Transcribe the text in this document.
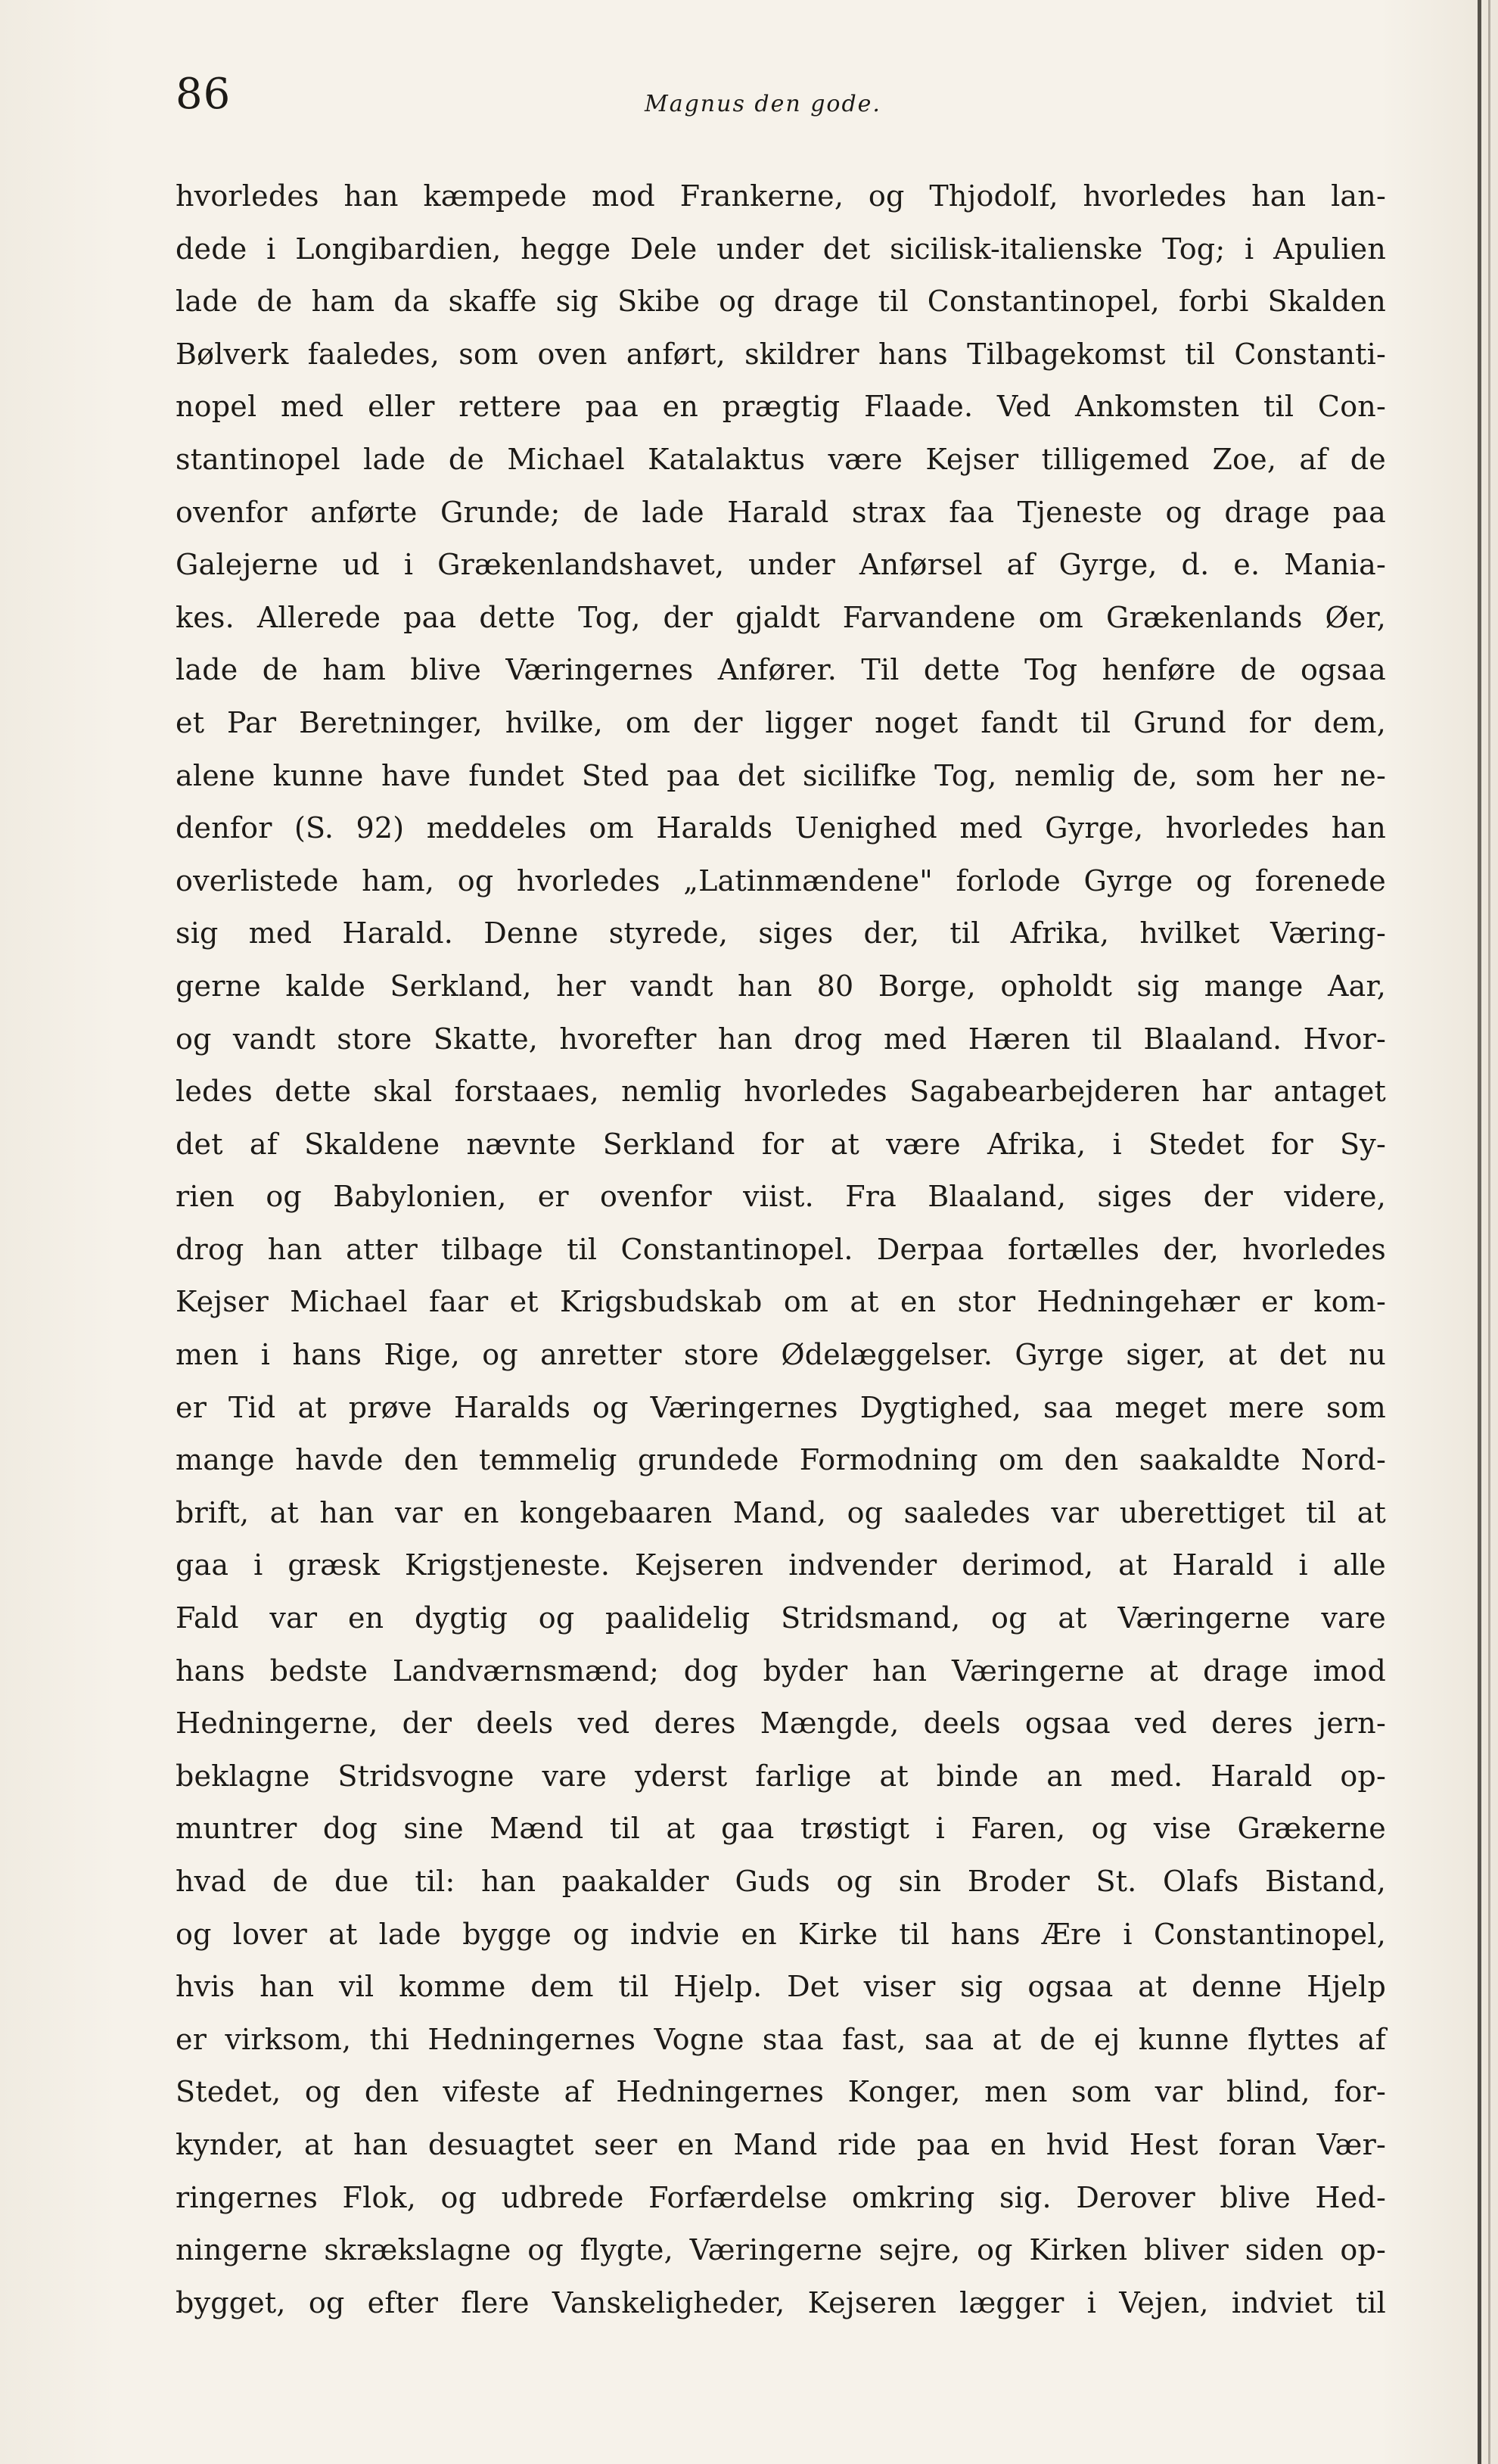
86	Magnus den gode.
hvorledes han kæmpede mod Frankerne, og Thjodolf, hvorledes han lan-
dede i Longibardien, hegge Dele under det sicilisk-italienske Tog; i Apulien
lade de ham da skaffe sig Skibe og drage til Constantinopel, forbi Skalden
Bølverk faaledes, som oven anført, skildrer hans Tilbagekomst til Constanti-
nopel med eller rettere paa en prægtig Flaade. Ved Ankomsten til Con-
stantinopel lade de Michael Katalaktus være Kejser tilligemed Zoe, af de
ovenfor anførte Grunde; de lade Harald strax faa Tjeneste og drage paa
Galejerne ud i Grækenlandshavet, under Anførsel af Gyrge, d. e. Mania-
kes. Allerede paa dette Tog, der gjaldt Farvandene om Grækenlands Øer,
lade de ham blive Væringernes Anfører. Til dette Tog henføre de ogsaa
et Par Beretninger, hvilke, om der ligger noget fandt til Grund for dem,
alene kunne have fundet Sted paa det sicilifke Tog, nemlig de, som her ne-
denfor (S. 92) meddeles om Haralds Uenighed med Gyrge, hvorledes han
overlistede ham, og hvorledes „Latinmændene" forlode Gyrge og forenede
sig med Harald. Denne styrede, siges der, til Afrika, hvilket Væring-
gerne kalde Serkland, her vandt han 80 Borge, opholdt sig mange Aar,
og vandt store Skatte, hvorefter han drog med Hæren til Blaaland. Hvor-
ledes dette skal forstaaes, nemlig hvorledes Sagabearbejderen har antaget
det af Skaldene nævnte Serkland for at være Afrika, i Stedet for Sy-
rien og Babylonien, er ovenfor viist. Fra Blaaland, siges der videre,
drog han atter tilbage til Constantinopel. Derpaa fortælles der, hvorledes
Kejser Michael faar et Krigsbudskab om at en stor Hedningehær er kom-
men i hans Rige, og anretter store Ødelæggelser. Gyrge siger, at det nu
er Tid at prøve Haralds og Væringernes Dygtighed, saa meget mere som
mange havde den temmelig grundede Formodning om den saakaldte Nord-
brift, at han var en kongebaaren Mand, og saaledes var uberettiget til at
gaa i græsk Krigstjeneste. Kejseren indvender derimod, at Harald i alle
Fald var en dygtig og paalidelig Stridsmand, og at Væringerne vare
hans bedste Landværnsmænd; dog byder han Væringerne at drage imod
Hedningerne, der deels ved deres Mængde, deels ogsaa ved deres jern-
beklagne Stridsvogne vare yderst farlige at binde an med. Harald op-
muntrer dog sine Mænd til at gaa trøstigt i Faren, og vise Grækerne
hvad de due til: han paakalder Guds og sin Broder St. Olafs Bistand,
og lover at lade bygge og indvie en Kirke til hans Ære i Constantinopel,
hvis han vil komme dem til Hjelp. Det viser sig ogsaa at denne Hjelp
er virksom, thi Hedningernes Vogne staa fast, saa at de ej kunne flyttes af
Stedet, og den vifeste af Hedningernes Konger, men som var blind, for-
kynder, at han desuagtet seer en Mand ride paa en hvid Hest foran Vær-
ringernes Flok, og udbrede Forfærdelse omkring sig. Derover blive Hed-
ningerne skrækslagne og flygte, Væringerne sejre, og Kirken bliver siden op-
bygget, og efter flere Vanskeligheder, Kejseren lægger i Vejen, indviet til
